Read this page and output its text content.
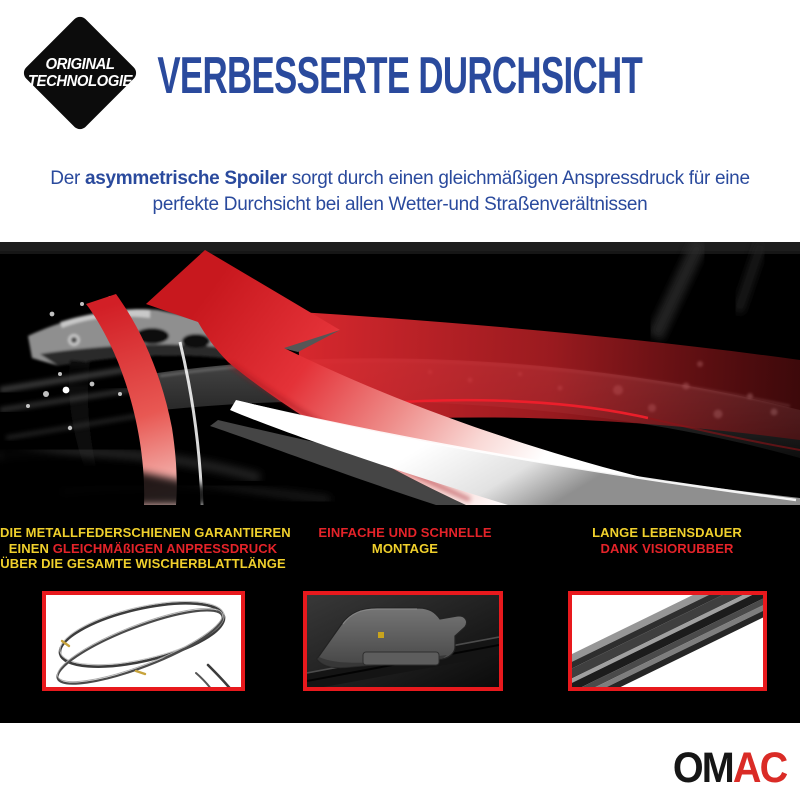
ORIGINAL
TECHNOLOGIE VERBESSERTE DURCHSICHT
Der asymmetrische Spoiler sorgt durch einen gleichmäßigen Anspressdruck für eine
perfekte Durchsicht bei allen Wetter-und Straßenverältnissen
DIE METALLFEDERSCHIENEN GARANTIEREN
EINEN GLEICHMÄßIGEN ANPRESSDRUCK
ÜBER DIE GESAMTE WISCHERBLATTLÄNGE
EINFACHE UND SCHNELLE
MONTAGE
LANGE LEBENSDAUER
DANK VISIORUBBER
OMAC
